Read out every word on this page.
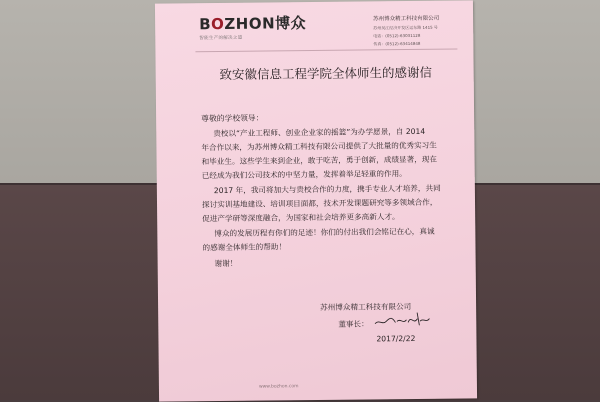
BOZHON博众
智能生产的解决之道
苏州博众精工科技有限公司
苏州吴江经济开发区运东路 1415 号
电话：(0512)-63031128
传真：(0512)-63414848
致安徽信息工程学院全体师生的感谢信
尊敬的学校领导：

贵校以“产业工程师、创业企业家的摇篮”为办学愿景，自 2014
年合作以来，为苏州博众精工科技有限公司提供了大批量的优秀实习生
和毕业生。这些学生来到企业，敢于吃苦，勇于创新，成绩显著，现在
已经成为我们公司技术的中坚力量，发挥着举足轻重的作用。

2017 年，我司将加大与贵校合作的力度，携手专业人才培养，共同
探讨实训基地建设、培训项目面都，技术开发课题研究等多领域合作，
促进产学研等深度融合，为国家和社会培养更多高新人才。

博众的发展历程有你们的足迹！你们的付出我们会铭记在心，真诚
的感谢全体师生的帮助！

谢谢！

苏州博众精工科技有限公司
董事长：
2017/2/22
www.bozhon.com
